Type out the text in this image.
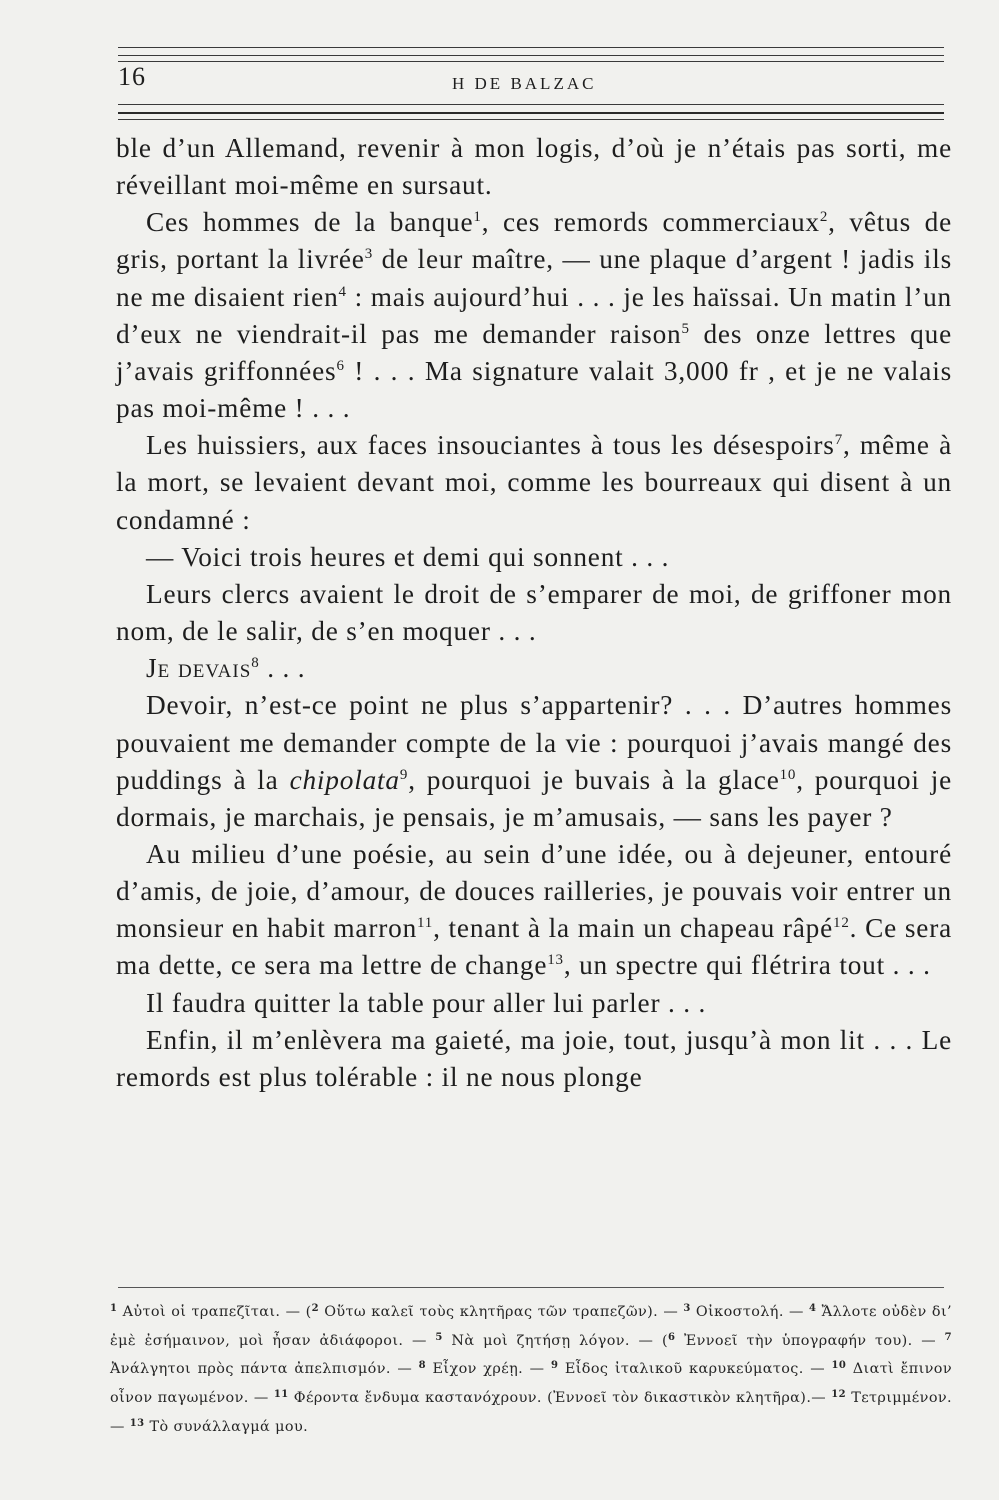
16	H DE BALZAC

ble d’un Allemand, revenir à mon logis, d’où je n’étais pas sorti, me réveillant moi-même en sursaut.

Ces hommes de la banque$^1$, ces remords commerciaux$^2$, vêtus de gris, portant la livrée$^3$ de leur maître, — une plaque d’argent ! jadis ils ne me disaient rien$^4$ : mais aujourd’hui . . . je les haïssai. Un matin l’un d’eux ne viendrait-il pas me demander raison$^5$ des onze lettres que j’avais griffonnées$^6$ ! . . . Ma signature valait 3,000 fr , et je ne valais pas moi-même ! . . .

Les huissiers, aux faces insouciantes à tous les désespoirs$^7$, même à la mort, se levaient devant moi, comme les bourreaux qui disent à un condamné :

— Voici trois heures et demi qui sonnent . . .

Leurs clercs avaient le droit de s’emparer de moi, de griffoner mon nom, de le salir, de s’en moquer . . .

Je devais$^8$ . . .

Devoir, n’est-ce point ne plus s’appartenir? . . . D’autres hommes pouvaient me demander compte de la vie : pourquoi j’avais mangé des puddings à la chipolata$^9$, pourquoi je buvais à la glace$^{10}$, pourquoi je dormais, je marchais, je pensais, je m’amusais, — sans les payer ?

Au milieu d’une poésie, au sein d’une idée, ou à dejeuner, entouré d’amis, de joie, d’amour, de douces railleries, je pouvais voir entrer un monsieur en habit marron$^{11}$, tenant à la main un chapeau râpé$^{12}$. Ce sera ma dette, ce sera ma lettre de change$^{13}$, un spectre qui flétrira tout . . .

Il faudra quitter la table pour aller lui parler . . .

Enfin, il m’enlèvera ma gaieté, ma joie, tout, jusqu’à mon lit . . . Le remords est plus tolérable : il ne nous plonge

$^1$ Αὐτοὶ οἱ τραπεζῖται. — ($^2$ Οὕτω καλεῖ τοὺς κλητῆρας τῶν τραπεζῶν). — $^3$ Οἰκοστολή. — $^4$ Ἄλλοτε οὐδὲν δι’ ἐμὲ ἐσήμαινον, μοὶ ἦσαν ἀδιάφοροι. — $^5$ Νὰ μοὶ ζητήσῃ λόγον. — ($^6$ Ἐννοεῖ τὴν ὑπογραφήν του). — $^7$ Ἀνάλγητοι πρὸς πάντα ἀπελπισμόν. — $^8$ Εἶχον χρέῃ. — $^9$ Εἶδος ἰταλικοῦ καρυκεύματος. — $^{10}$ Διατὶ ἔπινον οἶνον παγωμένον. — $^{11}$ Φέροντα ἔνδυμα καστανόχρουν. (Ἐννοεῖ τὸν δικαστικὸν κλητῆρα).— $^{12}$ Τετριμμένον. — $^{13}$ Τὸ συνάλλαγμά μου.
